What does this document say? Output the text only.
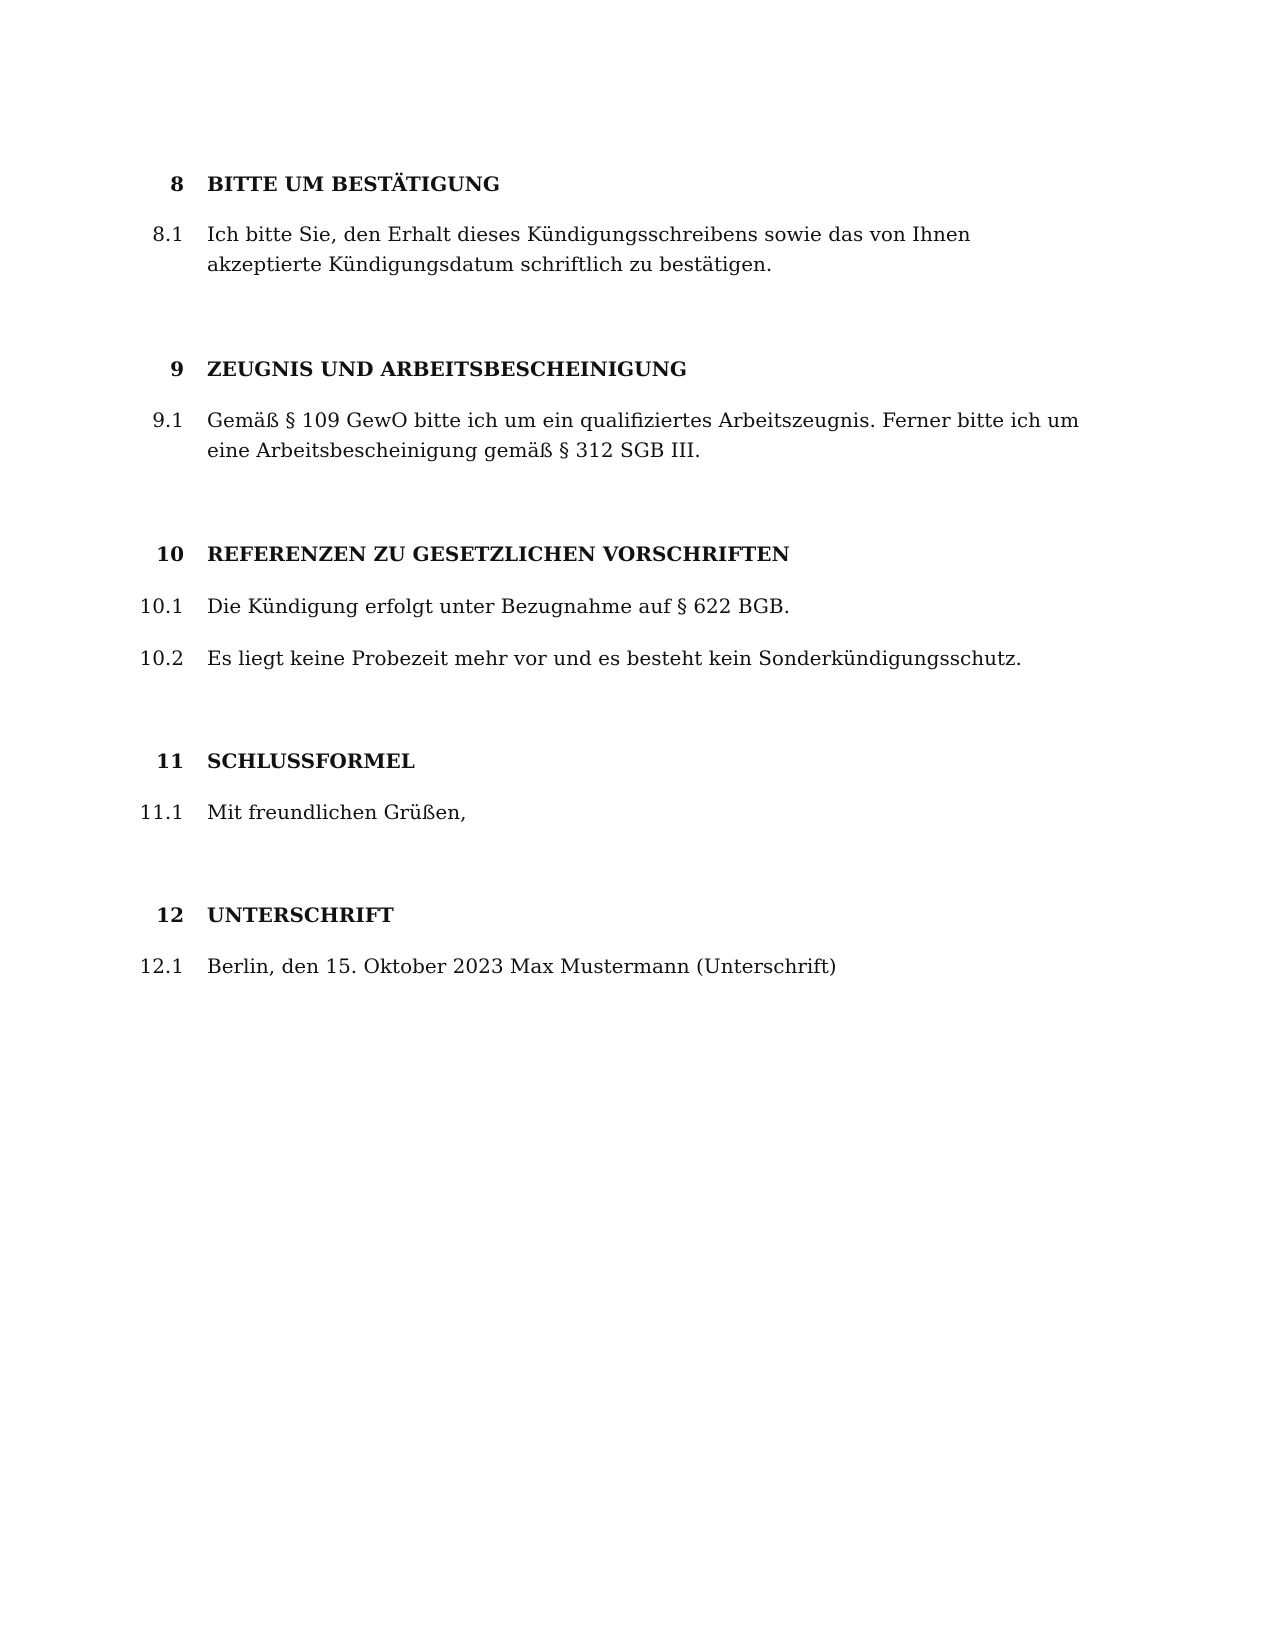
8 BITTE UM BESTÄTIGUNG
8.1 Ich bitte Sie, den Erhalt dieses Kündigungsschreibens sowie das von Ihnen akzeptierte Kündigungsdatum schriftlich zu bestätigen.
9 ZEUGNIS UND ARBEITSBESCHEINIGUNG
9.1 Gemäß § 109 GewO bitte ich um ein qualifiziertes Arbeitszeugnis. Ferner bitte ich um eine Arbeitsbescheinigung gemäß § 312 SGB III.
10 REFERENZEN ZU GESETZLICHEN VORSCHRIFTEN
10.1 Die Kündigung erfolgt unter Bezugnahme auf § 622 BGB.
10.2 Es liegt keine Probezeit mehr vor und es besteht kein Sonderkündigungsschutz.
11 SCHLUSSFORMEL
11.1 Mit freundlichen Grüßen,
12 UNTERSCHRIFT
12.1 Berlin, den 15. Oktober 2023 Max Mustermann (Unterschrift)
